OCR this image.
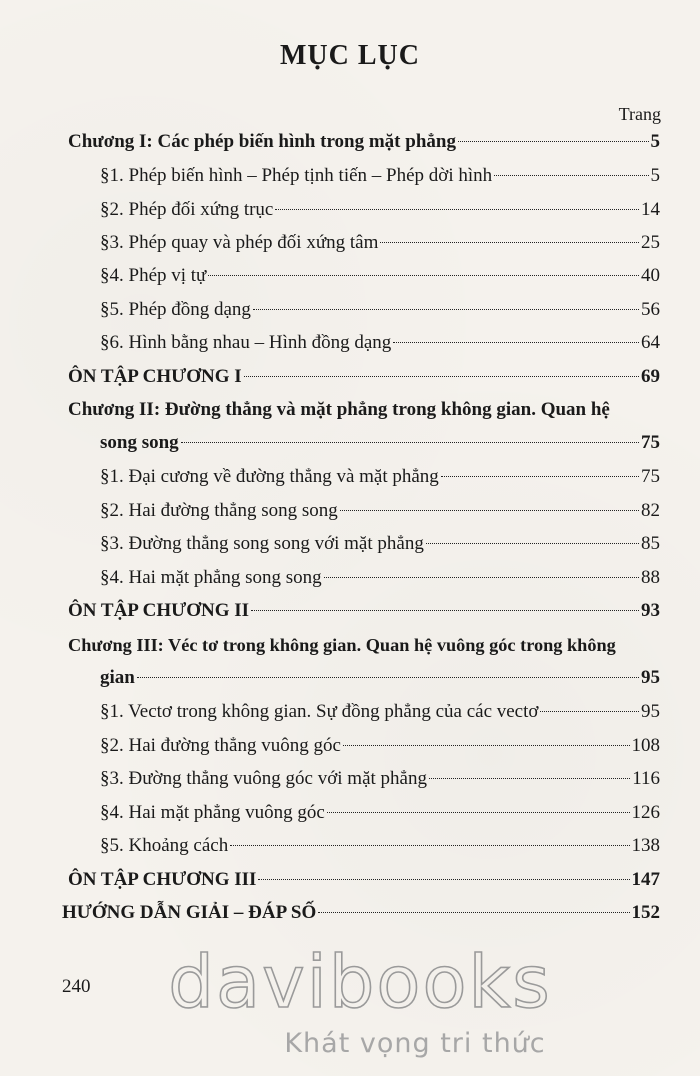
MỤC LỤC
Trang
Chương I: Các phép biến hình trong mặt phẳng	5
§1. Phép biến hình – Phép tịnh tiến – Phép dời hình	5
§2. Phép đối xứng trục	14
§3. Phép quay và phép đối xứng tâm	25
§4. Phép vị tự	40
§5. Phép đồng dạng	56
§6. Hình bằng nhau – Hình đồng dạng	64
ÔN TẬP CHƯƠNG I	69
Chương II: Đường thẳng và mặt phẳng trong không gian. Quan hệ
song song	75
§1. Đại cương về đường thẳng và mặt phẳng	75
§2. Hai đường thẳng song song	82
§3. Đường thẳng song song với mặt phẳng	85
§4. Hai mặt phẳng song song	88
ÔN TẬP CHƯƠNG II	93
Chương III: Véc tơ trong không gian. Quan hệ vuông góc trong không
gian	95
§1. Vectơ trong không gian. Sự đồng phẳng của các vectơ	95
§2. Hai đường thẳng vuông góc	108
§3. Đường thẳng vuông góc với mặt phẳng	116
§4. Hai mặt phẳng vuông góc	126
§5. Khoảng cách	138
ÔN TẬP CHƯƠNG III	147
HƯỚNG DẪN GIẢI – ĐÁP SỐ	152
240 davibooks
Khát vọng tri thức
